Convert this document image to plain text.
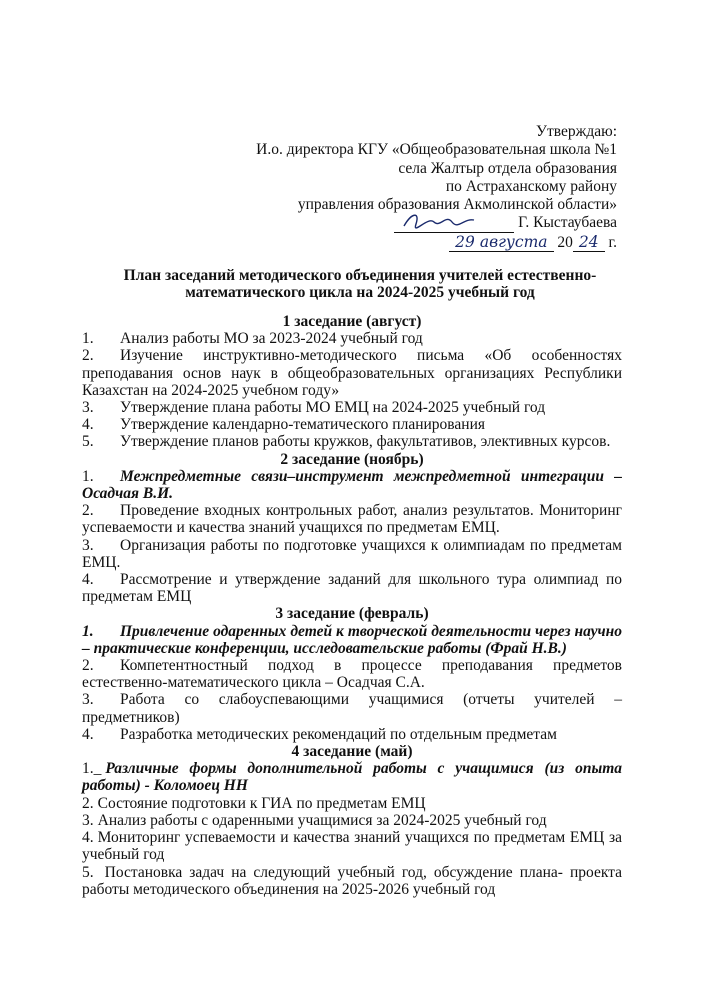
Утверждаю:
И.о. директора КГУ «Общеобразовательная школа №1
села Жалтыр отдела образования
по Астраханскому району
управления образования Акмолинской области»

Г. Кыстаубаева
29 августа
20 24
г.
План заседаний методического объединения учителей естественно-
математического цикла на 2024-2025 учебный год
1 заседание (август)
1. Анализ работы МО за 2023-2024 учебный год
2. Изучение инструктивно-методического письма «Об особенностях преподавания основ наук в общеобразовательных организациях Республики Казахстан на 2024-2025 учебном году»
3. Утверждение плана работы МО ЕМЦ на 2024-2025 учебный год
4. Утверждение календарно-тематического планирования
5. Утверждение планов работы кружков, факультативов, элективных курсов.
2 заседание (ноябрь)
1. Межпредметные связи–инструмент межпредметной интеграции – Осадчая В.И.
2. Проведение входных контрольных работ, анализ результатов. Мониторинг успеваемости и качества знаний учащихся по предметам ЕМЦ.
3. Организация работы по подготовке учащихся к олимпиадам по предметам ЕМЦ.
4. Рассмотрение и утверждение заданий для школьного тура олимпиад по предметам ЕМЦ
3 заседание (февраль)
1. Привлечение одаренных детей к творческой деятельности через научно – практические конференции, исследовательские работы (Фрай Н.В.)
2. Компетентностный подход в процессе преподавания предметов естественно-математического цикла – Осадчая С.А.
3. Работа со слабоуспевающими учащимися (отчеты учителей – предметников)
4. Разработка методических рекомендаций по отдельным предметам
4 заседание (май)
1._ Различные формы дополнительной работы с учащимися (из опыта работы) - Коломоец НН
2. Состояние подготовки к ГИА по предметам ЕМЦ
3. Анализ работы с одаренными учащимися за 2024-2025 учебный год
4. Мониторинг успеваемости и качества знаний учащихся по предметам ЕМЦ за учебный год
5. Постановка задач на следующий учебный год, обсуждение плана- проекта работы методического объединения на 2025-2026 учебный год
